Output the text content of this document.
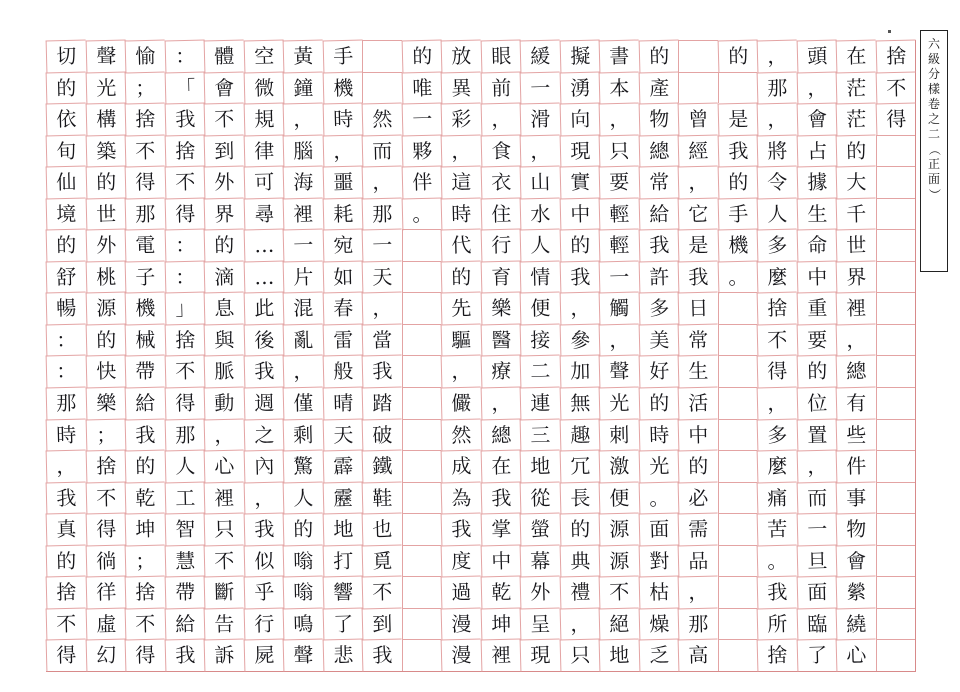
切 聲 愉 ： 體 空 黃 手	的 放 眼 緩 擬 書 的	的 ， 頭 在 捨
的 光 ； 「 會 微 鐘 機	唯 異 前 一 湧 本 產	那 ， 茫 不
依 構 捨 我 不 規 ， 時 然 一 彩 ， 滑 向 ， 物 曾 是 ， 會 茫 得
旬 築 不 捨 到 律 腦 ， 而 夥 ， 食 ， 現 只 總 經 我 將 占 的
仙 的 得 不 外 可 海 噩 ， 伴 這 衣 山 實 要 常 ， 的 令 據 大
境 世 那 得 界 尋 裡 耗 那 。 時 住 水 中 輕 給 它 手 人 生 千
的 外 電 ： 的 … 一 宛 一	代 行 人 的 輕 我 是 機 多 命 世
舒 桃 子 ： 滴 … 片 如 天	的 育 情 我 一 許 我 。 麼 中 界
暢 源 機 」 息 此 混 春 ，	先 樂 便 ， 觸 多 日	捨 重 裡
： 的 械 捨 與 後 亂 雷 當	驅 醫 接 參 ， 美 常	不 要 ，
： 快 帶 不 脈 我 ， 般 我	， 療 二 加 聲 好 生	得 的 總
那 樂 給 得 動 週 僅 晴 踏	儼 ， 連 無 光 的 活	， 位 有
時 ； 我 那 ， 之 剩 天 破	然 總 三 趣 刺 時 中	多 置 些
， 捨 的 人 心 內 驚 霹 鐵	成 在 地 冗 激 光 的	麼 ， 件
我 不 乾 工 裡 ， 人 靂 鞋	為 我 從 長 便 。 必	痛 而 事
真 得 坤 智 只 我 的 地 也	我 掌 螢 的 源 面 需	苦 一 物
的 徜 ； 慧 不 似 嗡 打 覓	度 中 幕 典 源 對 品	。 旦 會
捨 徉 捨 帶 斷 乎 嗡 響 不	過 乾 外 禮 不 枯 ，	我 面 縈
不 虛 不 給 告 行 鳴 了 到	漫 坤 呈 ， 絕 燥 那	所 臨 繞
得 幻 得 我 訴 屍 聲 悲 我	漫 裡 現 只 地 乏 高	捨 了 心
六
級
分
樣
卷
之
二
（
正
面
）
